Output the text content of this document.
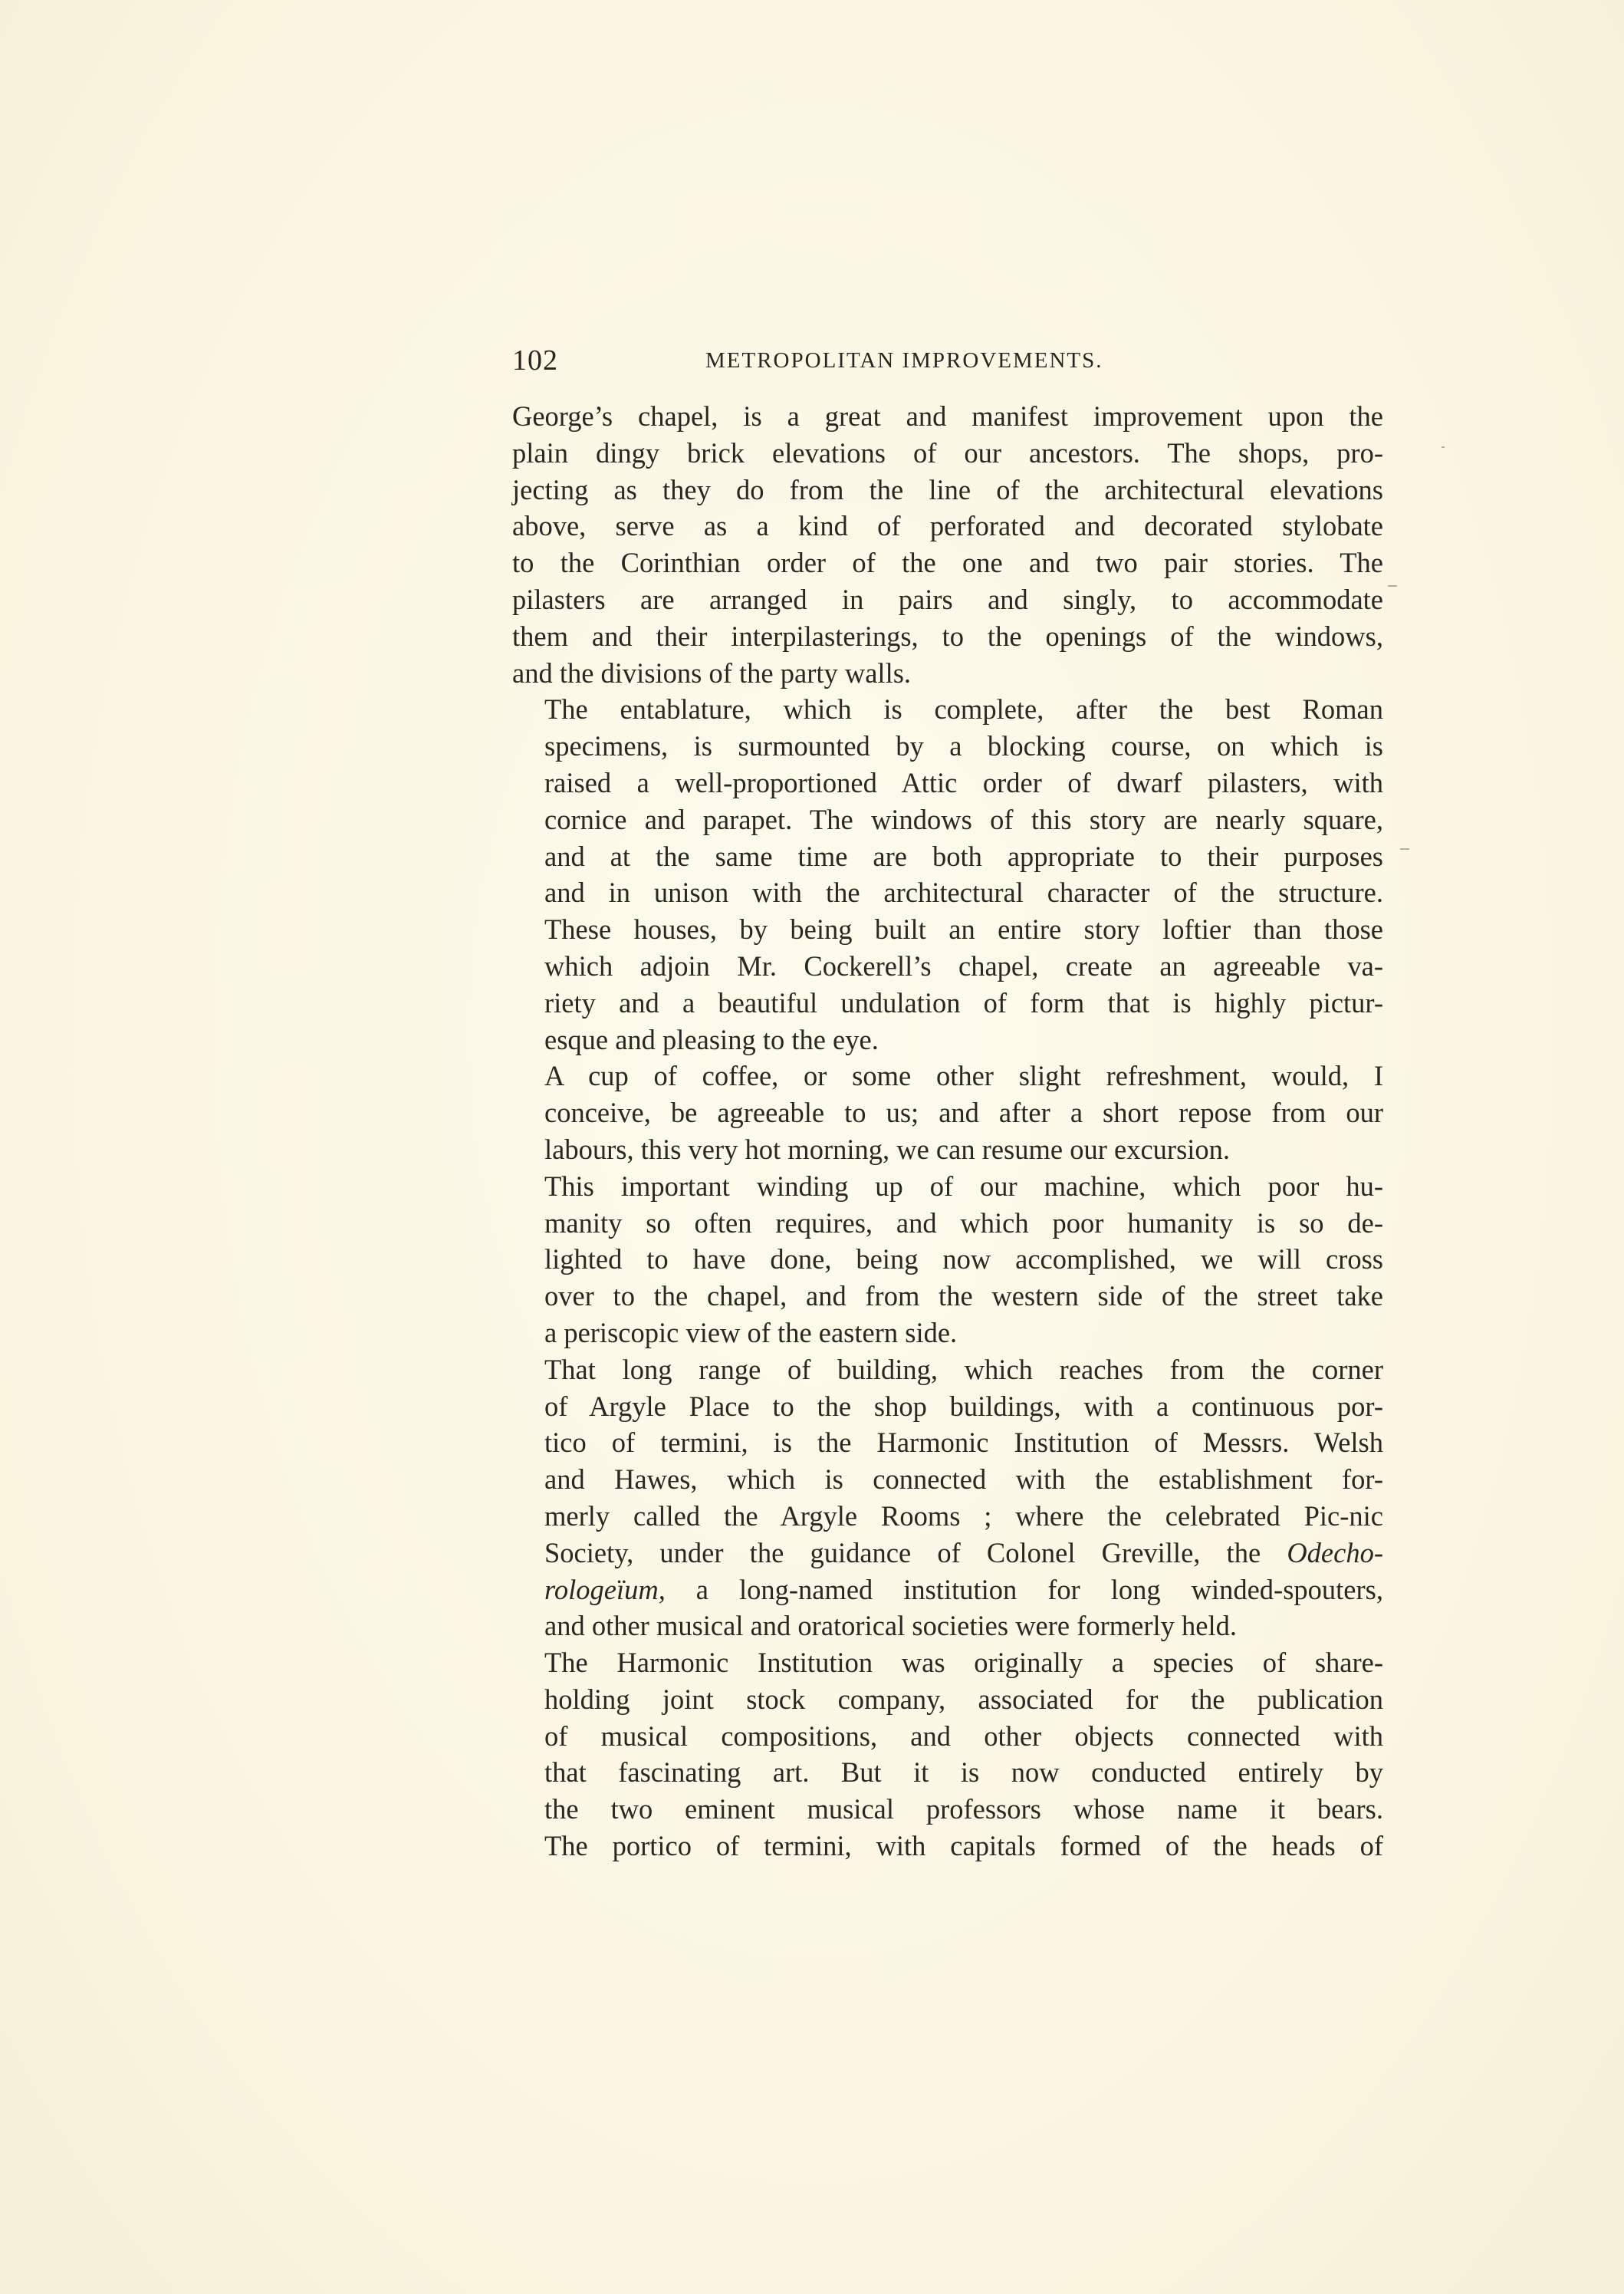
102	METROPOLITAN IMPROVEMENTS.

George’s chapel, is a great and manifest improvement upon the
plain dingy brick elevations of our ancestors. The shops, pro-
jecting as they do from the line of the architectural elevations
above, serve as a kind of perforated and decorated stylobate
to the Corinthian order of the one and two pair stories. The
pilasters are arranged in pairs and singly, to accommodate
them and their interpilasterings, to the openings of the windows,
and the divisions of the party walls.

The entablature, which is complete, after the best Roman
specimens, is surmounted by a blocking course, on which is
raised a well-proportioned Attic order of dwarf pilasters, with
cornice and parapet. The windows of this story are nearly square,
and at the same time are both appropriate to their purposes
and in unison with the architectural character of the structure.
These houses, by being built an entire story loftier than those
which adjoin Mr. Cockerell’s chapel, create an agreeable va-
riety and a beautiful undulation of form that is highly pictur-
esque and pleasing to the eye.

A cup of coffee, or some other slight refreshment, would, I
conceive, be agreeable to us; and after a short repose from our
labours, this very hot morning, we can resume our excursion.

This important winding up of our machine, which poor hu-
manity so often requires, and which poor humanity is so de-
lighted to have done, being now accomplished, we will cross
over to the chapel, and from the western side of the street take
a periscopic view of the eastern side.

That long range of building, which reaches from the corner
of Argyle Place to the shop buildings, with a continuous por-
tico of termini, is the Harmonic Institution of Messrs. Welsh
and Hawes, which is connected with the establishment for-
merly called the Argyle Rooms ; where the celebrated Pic-nic
Society, under the guidance of Colonel Greville, the Odecho-
rologeïum, a long-named institution for long winded-spouters,
and other musical and oratorical societies were formerly held.

The Harmonic Institution was originally a species of share-
holding joint stock company, associated for the publication
of musical compositions, and other objects connected with
that fascinating art. But it is now conducted entirely by
the two eminent musical professors whose name it bears.
The portico of termini, with capitals formed of the heads of
